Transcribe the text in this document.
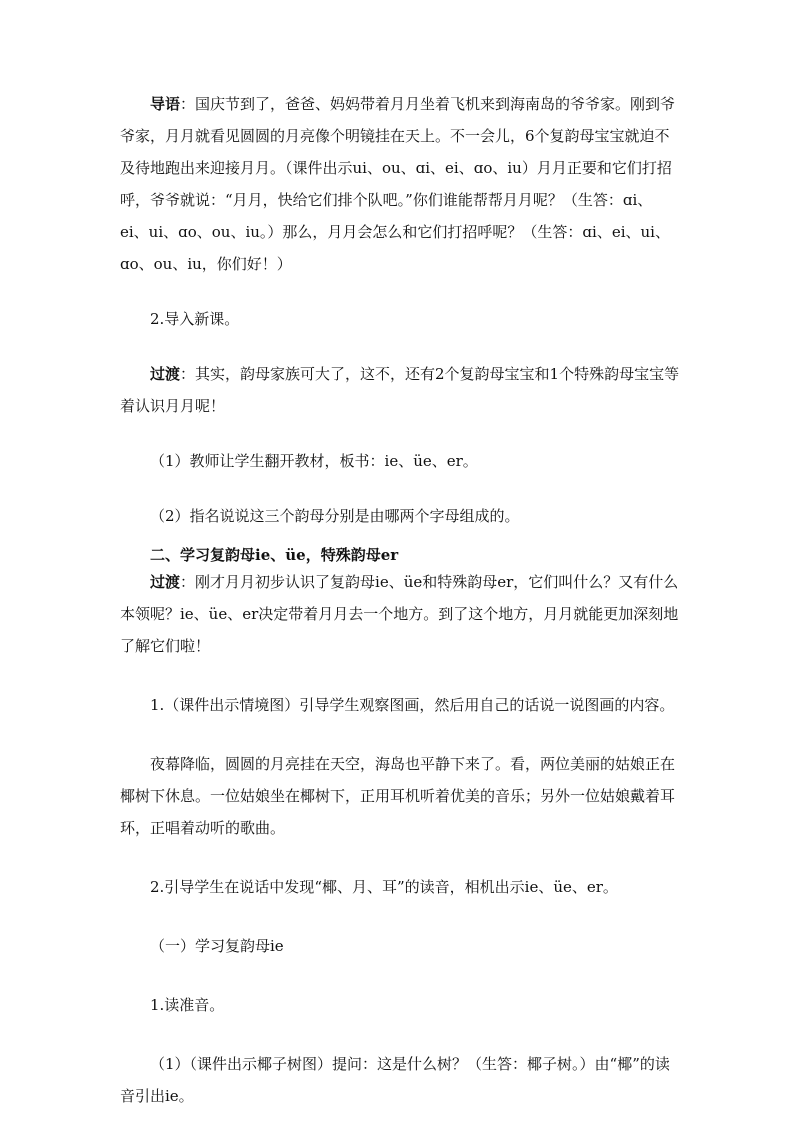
导语：国庆节到了，爸爸、妈妈带着月月坐着飞机来到海南岛的爷爷家。刚到爷爷家，月月就看见圆圆的月亮像个明镜挂在天上。不一会儿，6个复韵母宝宝就迫不及待地跑出来迎接月月。（课件出示ui、ou、ɑi、ei、ɑo、iu）月月正要和它们打招呼，爷爷就说：“月月，快给它们排个队吧。”你们谁能帮帮月月呢？（生答：ɑi、ei、ui、ɑo、ou、iu。）那么，月月会怎么和它们打招呼呢？（生答：ɑi、ei、ui、ɑo、ou、iu，你们好！）

2.导入新课。

过渡：其实，韵母家族可大了，这不，还有2个复韵母宝宝和1个特殊韵母宝宝等着认识月月呢！

（1）教师让学生翻开教材，板书：ie、üe、er。

（2）指名说说这三个韵母分别是由哪两个字母组成的。

二、学习复韵母ie、üe，特殊韵母er

过渡：刚才月月初步认识了复韵母ie、üe和特殊韵母er，它们叫什么？又有什么本领呢？ie、üe、er决定带着月月去一个地方。到了这个地方，月月就能更加深刻地了解它们啦！

1.（课件出示情境图）引导学生观察图画，然后用自己的话说一说图画的内容。

夜幕降临，圆圆的月亮挂在天空，海岛也平静下来了。看，两位美丽的姑娘正在椰树下休息。一位姑娘坐在椰树下，正用耳机听着优美的音乐；另外一位姑娘戴着耳环，正唱着动听的歌曲。

2.引导学生在说话中发现“椰、月、耳”的读音，相机出示ie、üe、er。

（一）学习复韵母ie

1.读准音。

（1）（课件出示椰子树图）提问：这是什么树？（生答：椰子树。）由“椰”的读音引出ie。
